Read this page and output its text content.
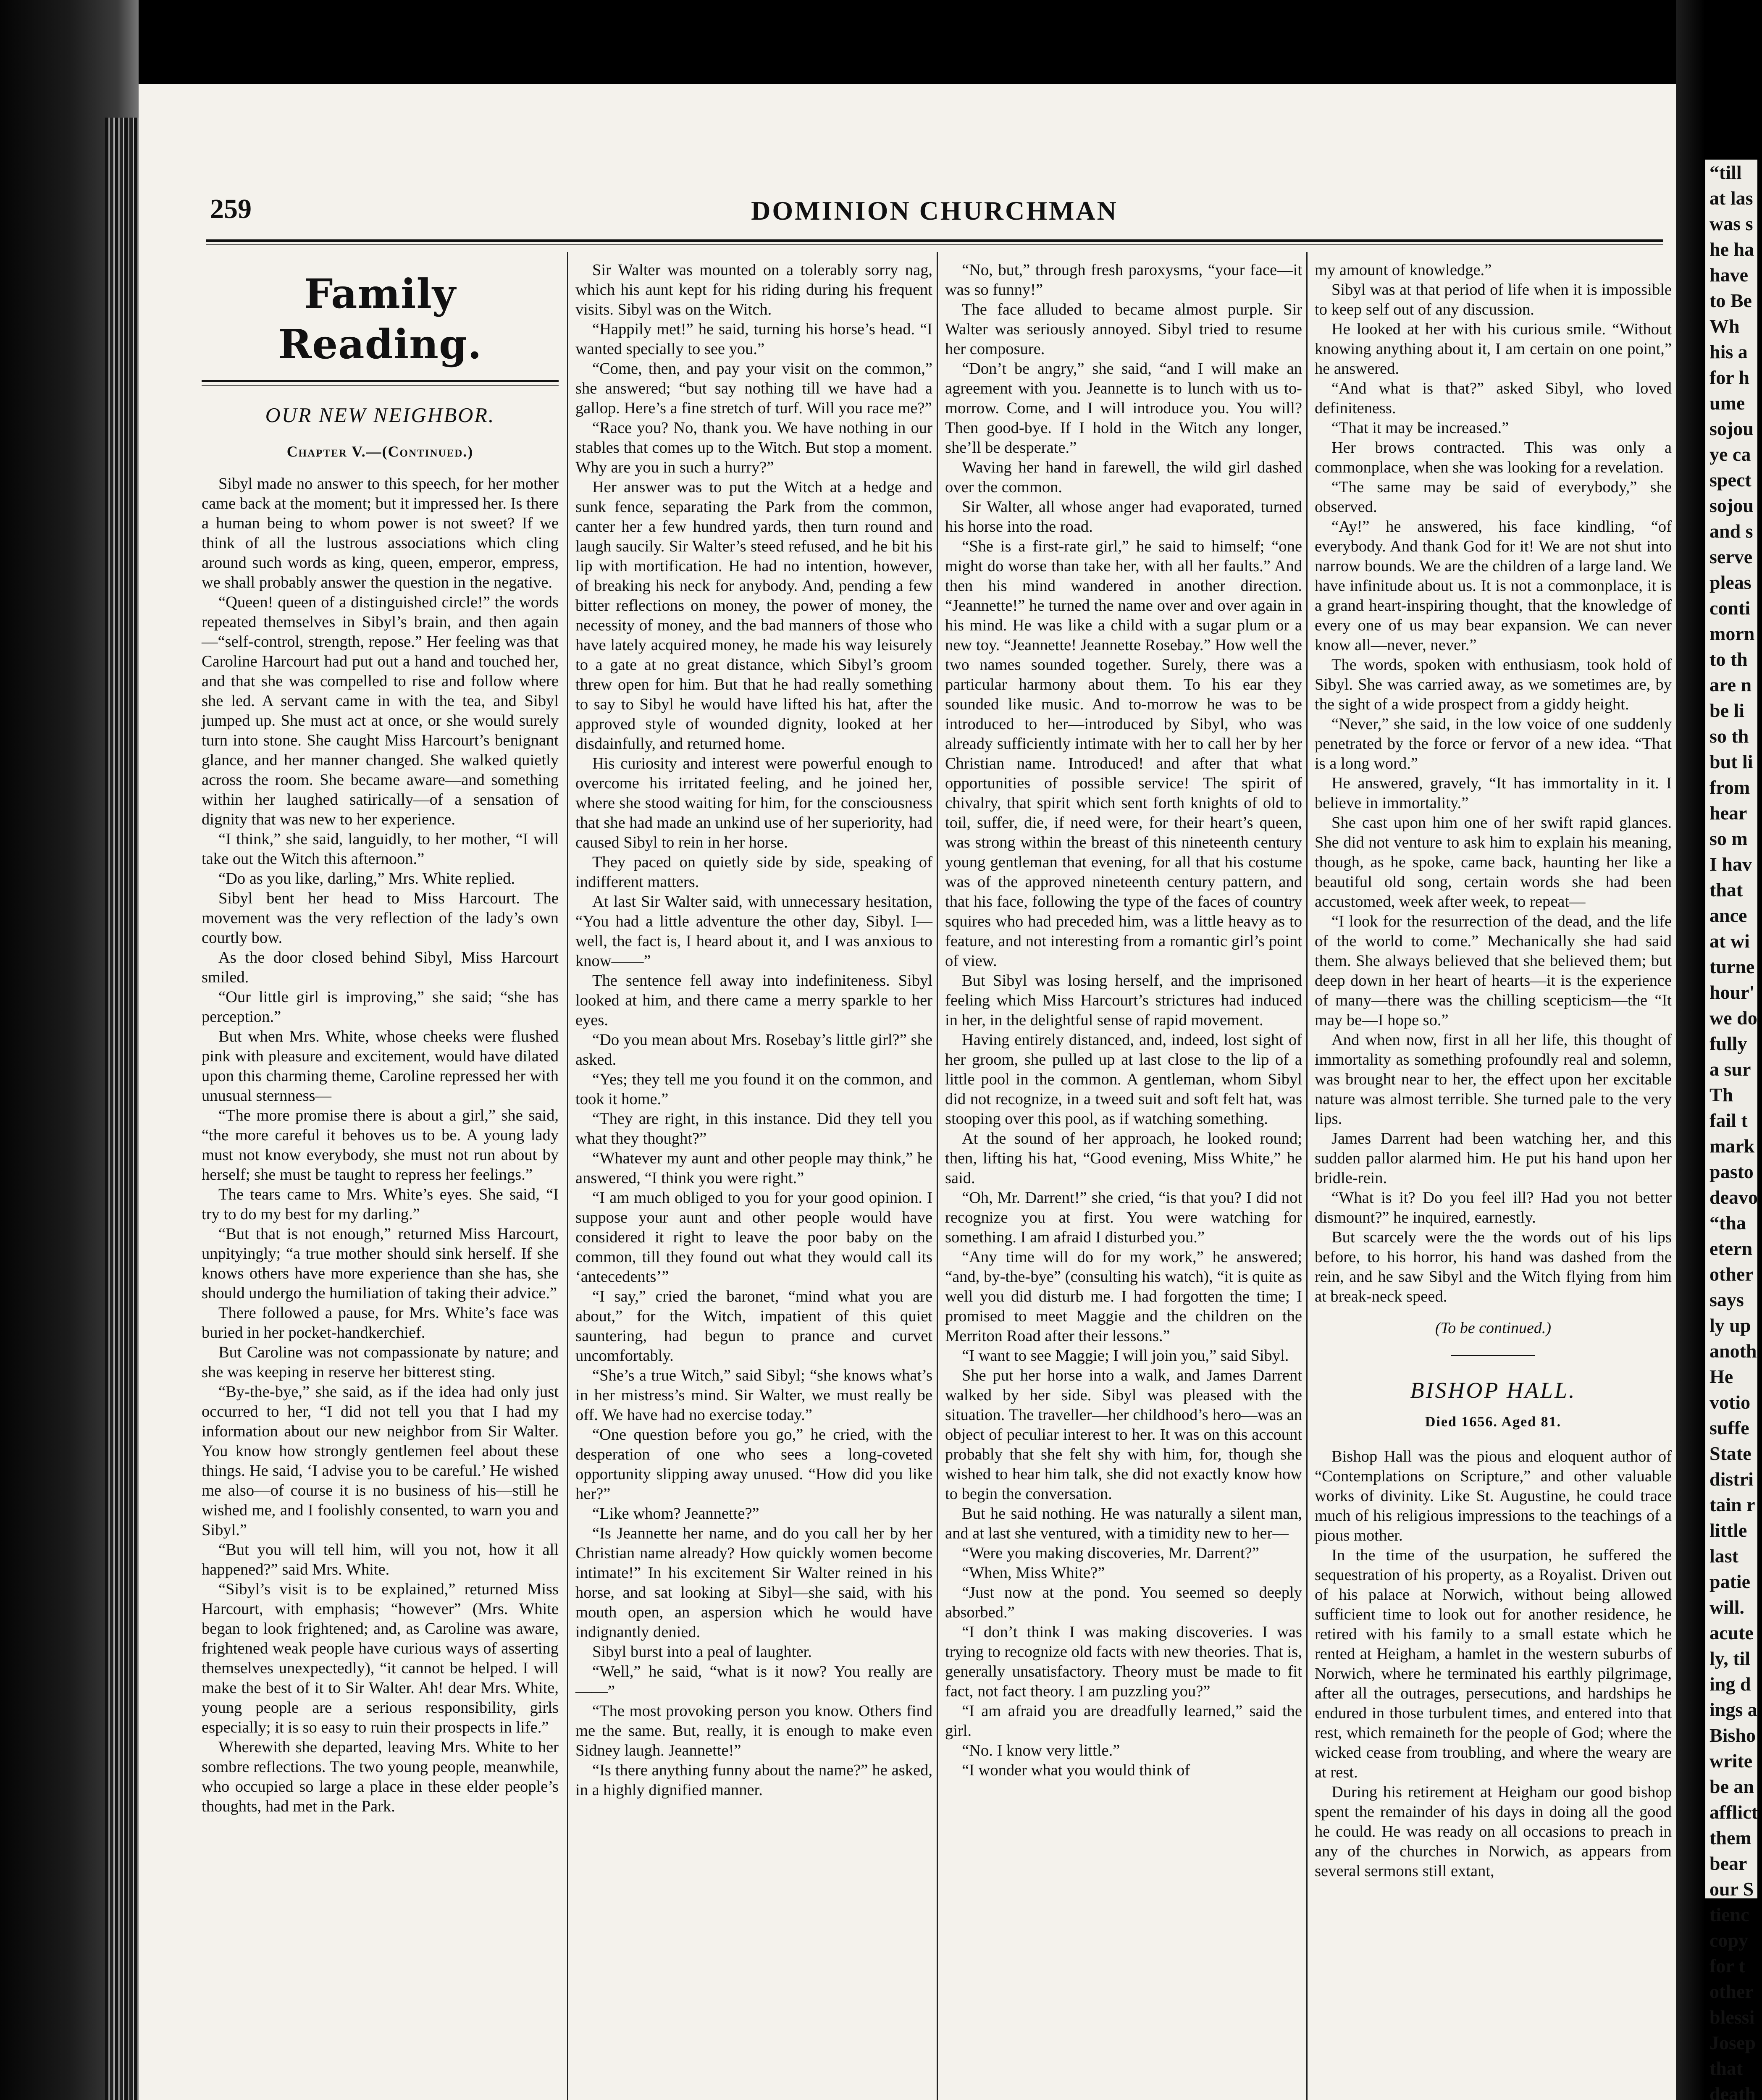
259	DOMINION CHURCHMAN
Family Reading.
OUR NEW NEIGHBOR.
Chapter V.—(Continued.)

Sibyl made no answer to this speech, for her mother came back at the moment; but it impressed her. Is there a human being to whom power is not sweet? If we think of all the lustrous associations which cling around such words as king, queen, emperor, empress, we shall probably answer the question in the negative.

“Queen! queen of a distinguished circle!” the words repeated themselves in Sibyl’s brain, and then again—“self-control, strength, repose.” Her feeling was that Caroline Harcourt had put out a hand and touched her, and that she was compelled to rise and follow where she led. A servant came in with the tea, and Sibyl jumped up. She must act at once, or she would surely turn into stone. She caught Miss Harcourt’s benignant glance, and her manner changed. She walked quietly across the room. She became aware—and something within her laughed satirically—of a sensation of dignity that was new to her experience.

“I think,” she said, languidly, to her mother, “I will take out the Witch this afternoon.”

“Do as you like, darling,” Mrs. White replied.

Sibyl bent her head to Miss Harcourt. The movement was the very reflection of the lady’s own courtly bow.

As the door closed behind Sibyl, Miss Harcourt smiled.

“Our little girl is improving,” she said; “she has perception.”

But when Mrs. White, whose cheeks were flushed pink with pleasure and excitement, would have dilated upon this charming theme, Caroline repressed her with unusual sternness—

“The more promise there is about a girl,” she said, “the more careful it behoves us to be. A young lady must not know everybody, she must not run about by herself; she must be taught to repress her feelings.”

The tears came to Mrs. White’s eyes. She said, “I try to do my best for my darling.”

“But that is not enough,” returned Miss Harcourt, unpityingly; “a true mother should sink herself. If she knows others have more experience than she has, she should undergo the humiliation of taking their advice.”

There followed a pause, for Mrs. White’s face was buried in her pocket-handkerchief.

But Caroline was not compassionate by nature; and she was keeping in reserve her bitterest sting.

“By-the-bye,” she said, as if the idea had only just occurred to her, “I did not tell you that I had my information about our new neighbor from Sir Walter. You know how strongly gentlemen feel about these things. He said, ‘I advise you to be careful.’ He wished me also—of course it is no business of his—still he wished me, and I foolishly consented, to warn you and Sibyl.”

“But you will tell him, will you not, how it all happened?” said Mrs. White.

“Sibyl’s visit is to be explained,” returned Miss Harcourt, with emphasis; “however” (Mrs. White began to look frightened; and, as Caroline was aware, frightened weak people have curious ways of asserting themselves unexpectedly), “it cannot be helped. I will make the best of it to Sir Walter. Ah! dear Mrs. White, young people are a serious responsibility, girls especially; it is so easy to ruin their prospects in life.”

Wherewith she departed, leaving Mrs. White to her sombre reflections. The two young people, meanwhile, who occupied so large a place in these elder people’s thoughts, had met in the Park.

Sir Walter was mounted on a tolerably sorry nag, which his aunt kept for his riding during his frequent visits. Sibyl was on the Witch.

“Happily met!” he said, turning his horse’s head. “I wanted specially to see you.”

“Come, then, and pay your visit on the common,” she answered; “but say nothing till we have had a gallop. Here’s a fine stretch of turf. Will you race me?”

“Race you? No, thank you. We have nothing in our stables that comes up to the Witch. But stop a moment. Why are you in such a hurry?”

Her answer was to put the Witch at a hedge and sunk fence, separating the Park from the common, canter her a few hundred yards, then turn round and laugh saucily. Sir Walter’s steed refused, and he bit his lip with mortification. He had no intention, however, of breaking his neck for anybody. And, pending a few bitter reflections on money, the power of money, the necessity of money, and the bad manners of those who have lately acquired money, he made his way leisurely to a gate at no great distance, which Sibyl’s groom threw open for him. But that he had really something to say to Sibyl he would have lifted his hat, after the approved style of wounded dignity, looked at her disdainfully, and returned home.

His curiosity and interest were powerful enough to overcome his irritated feeling, and he joined her, where she stood waiting for him, for the consciousness that she had made an unkind use of her superiority, had caused Sibyl to rein in her horse.

They paced on quietly side by side, speaking of indifferent matters.

At last Sir Walter said, with unnecessary hesitation, “You had a little adventure the other day, Sibyl. I—well, the fact is, I heard about it, and I was anxious to know——”

The sentence fell away into indefiniteness. Sibyl looked at him, and there came a merry sparkle to her eyes.

“Do you mean about Mrs. Rosebay’s little girl?” she asked.

“Yes; they tell me you found it on the common, and took it home.”

“They are right, in this instance. Did they tell you what they thought?”

“Whatever my aunt and other people may think,” he answered, “I think you were right.”

“I am much obliged to you for your good opinion. I suppose your aunt and other people would have considered it right to leave the poor baby on the common, till they found out what they would call its ‘antecedents’”

“I say,” cried the baronet, “mind what you are about,” for the Witch, impatient of this quiet sauntering, had begun to prance and curvet uncomfortably.

“She’s a true Witch,” said Sibyl; “she knows what’s in her mistress’s mind. Sir Walter, we must really be off. We have had no exercise today.”

“One question before you go,” he cried, with the desperation of one who sees a long-coveted opportunity slipping away unused. “How did you like her?”

“Like whom? Jeannette?”

“Is Jeannette her name, and do you call her by her Christian name already? How quickly women become intimate!” In his excitement Sir Walter reined in his horse, and sat looking at Sibyl—she said, with his mouth open, an aspersion which he would have indignantly denied.

Sibyl burst into a peal of laughter.

“Well,” he said, “what is it now? You really are——”

“The most provoking person you know. Others find me the same. But, really, it is enough to make even Sidney laugh. Jeannette!”

“Is there anything funny about the name?” he asked, in a highly dignified manner.

“No, but,” through fresh paroxysms, “your face—it was so funny!”

The face alluded to became almost purple. Sir Walter was seriously annoyed. Sibyl tried to resume her composure.

“Don’t be angry,” she said, “and I will make an agreement with you. Jeannette is to lunch with us to-morrow. Come, and I will introduce you. You will? Then good-bye. If I hold in the Witch any longer, she’ll be desperate.”

Waving her hand in farewell, the wild girl dashed over the common.

Sir Walter, all whose anger had evaporated, turned his horse into the road.

“She is a first-rate girl,” he said to himself; “one might do worse than take her, with all her faults.” And then his mind wandered in another direction. “Jeannette!” he turned the name over and over again in his mind. He was like a child with a sugar plum or a new toy. “Jeannette! Jeannette Rosebay.” How well the two names sounded together. Surely, there was a particular harmony about them. To his ear they sounded like music. And to-morrow he was to be introduced to her—introduced by Sibyl, who was already sufficiently intimate with her to call her by her Christian name. Introduced! and after that what opportunities of possible service! The spirit of chivalry, that spirit which sent forth knights of old to toil, suffer, die, if need were, for their heart’s queen, was strong within the breast of this nineteenth century young gentleman that evening, for all that his costume was of the approved nineteenth century pattern, and that his face, following the type of the faces of country squires who had preceded him, was a little heavy as to feature, and not interesting from a romantic girl’s point of view.

But Sibyl was losing herself, and the imprisoned feeling which Miss Harcourt’s strictures had induced in her, in the delightful sense of rapid movement.

Having entirely distanced, and, indeed, lost sight of her groom, she pulled up at last close to the lip of a little pool in the common. A gentleman, whom Sibyl did not recognize, in a tweed suit and soft felt hat, was stooping over this pool, as if watching something.

At the sound of her approach, he looked round; then, lifting his hat, “Good evening, Miss White,” he said.

“Oh, Mr. Darrent!” she cried, “is that you? I did not recognize you at first. You were watching for something. I am afraid I disturbed you.”

“Any time will do for my work,” he answered; “and, by-the-bye” (consulting his watch), “it is quite as well you did disturb me. I had forgotten the time; I promised to meet Maggie and the children on the Merriton Road after their lessons.”

“I want to see Maggie; I will join you,” said Sibyl.

She put her horse into a walk, and James Darrent walked by her side. Sibyl was pleased with the situation. The traveller—her childhood’s hero—was an object of peculiar interest to her. It was on this account probably that she felt shy with him, for, though she wished to hear him talk, she did not exactly know how to begin the conversation.

But he said nothing. He was naturally a silent man, and at last she ventured, with a timidity new to her—

“Were you making discoveries, Mr. Darrent?”

“When, Miss White?”

“Just now at the pond. You seemed so deeply absorbed.”

“I don’t think I was making discoveries. I was trying to recognize old facts with new theories. That is, generally unsatisfactory. Theory must be made to fit fact, not fact theory. I am puzzling you?”

“I am afraid you are dreadfully learned,” said the girl.

“No. I know very little.”

“I wonder what you would think of

my amount of knowledge.”

Sibyl was at that period of life when it is impossible to keep self out of any discussion.

He looked at her with his curious smile. “Without knowing anything about it, I am certain on one point,” he answered.

“And what is that?” asked Sibyl, who loved definiteness.

“That it may be increased.”

Her brows contracted. This was only a commonplace, when she was looking for a revelation.

“The same may be said of everybody,” she observed.

“Ay!” he answered, his face kindling, “of everybody. And thank God for it! We are not shut into narrow bounds. We are the children of a large land. We have infinitude about us. It is not a commonplace, it is a grand heart-inspiring thought, that the knowledge of every one of us may bear expansion. We can never know all—never, never.”

The words, spoken with enthusiasm, took hold of Sibyl. She was carried away, as we sometimes are, by the sight of a wide prospect from a giddy height.

“Never,” she said, in the low voice of one suddenly penetrated by the force or fervor of a new idea. “That is a long word.”

He answered, gravely, “It has immortality in it. I believe in immortality.”

She cast upon him one of her swift rapid glances. She did not venture to ask him to explain his meaning, though, as he spoke, came back, haunting her like a beautiful old song, certain words she had been accustomed, week after week, to repeat—

“I look for the resurrection of the dead, and the life of the world to come.” Mechanically she had said them. She always believed that she believed them; but deep down in her heart of hearts—it is the experience of many—there was the chilling scepticism—the “It may be—I hope so.”

And when now, first in all her life, this thought of immortality as something profoundly real and solemn, was brought near to her, the effect upon her excitable nature was almost terrible. She turned pale to the very lips.

James Darrent had been watching her, and this sudden pallor alarmed him. He put his hand upon her bridle-rein.

“What is it? Do you feel ill? Had you not better dismount?” he inquired, earnestly.

But scarcely were the the words out of his lips before, to his horror, his hand was dashed from the rein, and he saw Sibyl and the Witch flying from him at break-neck speed.

(To be continued.)
BISHOP HALL.
Died 1656. Aged 81.

Bishop Hall was the pious and eloquent author of “Contemplations on Scripture,” and other valuable works of divinity. Like St. Augustine, he could trace much of his religious impressions to the teachings of a pious mother.

In the time of the usurpation, he suffered the sequestration of his property, as a Royalist. Driven out of his palace at Norwich, without being allowed sufficient time to look out for another residence, he retired with his family to a small estate which he rented at Heigham, a hamlet in the western suburbs of Norwich, where he terminated his earthly pilgrimage, after all the outrages, persecutions, and hardships he endured in those turbulent times, and entered into that rest, which remaineth for the people of God; where the wicked cease from troubling, and where the weary are at rest.

During his retirement at Heigham our good bishop spent the remainder of his days in doing all the good he could. He was ready on all occasions to preach in any of the churches in Norwich, as appears from several sermons still extant,

“till
at las
was s
he ha
have
to Be
Wh
his a
for h
ume
sojou
ye ca
spect
sojou
and s
serve
pleas
conti
morn
to th
are n
be li
so th
but li
from
hear
so m
I hav
that
ance
at wi
turne
hour'
we do
fully
a sur
Th
fail t
mark
pasto
deavo
“tha
etern
other
says
ly up
anoth
He
votio
suffe
State
distri
tain r
little
last
patie
will.
acute
ly, til
ing d
ings a
Bisho
write
be an
afflict
them
bear
our S
tienc
copy
for t
other
blessi
Josep
that
death
